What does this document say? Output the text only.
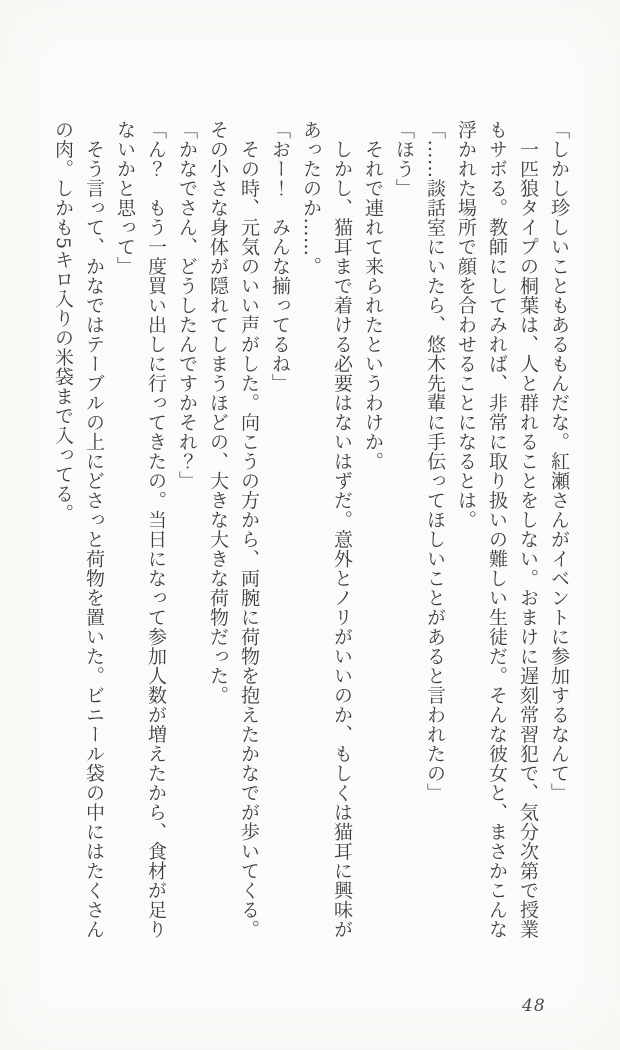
「しかし珍しいこともあるもんだな。紅瀬さんがイベントに参加するなんて」
　一匹狼タイプの桐葉は、人と群れることをしない。おまけに遅刻常習犯で、気分次第で授業
もサボる。教師にしてみれば、非常に取り扱いの難しい生徒だ。そんな彼女と、まさかこんな
浮かれた場所で顔を合わせることになるとは。
「……談話室にいたら、悠木先輩に手伝ってほしいことがあると言われたの」
「ほう」
　それで連れて来られたというわけか。
　しかし、猫耳まで着ける必要はないはずだ。意外とノリがいいのか、もしくは猫耳に興味が
あったのか……。
「おー！　みんな揃ってるね」
　その時、元気のいい声がした。向こうの方から、両腕に荷物を抱えたかなでが歩いてくる。
その小さな身体が隠れてしまうほどの、大きな大きな荷物だった。
「かなでさん、どうしたんですかそれ？」
「ん？　もう一度買い出しに行ってきたの。当日になって参加人数が増えたから、食材が足り
ないかと思って」
　そう言って、かなではテーブルの上にどさっと荷物を置いた。ビニール袋の中にはたくさん
の肉。しかも5キロ入りの米袋まで入ってる。
48
